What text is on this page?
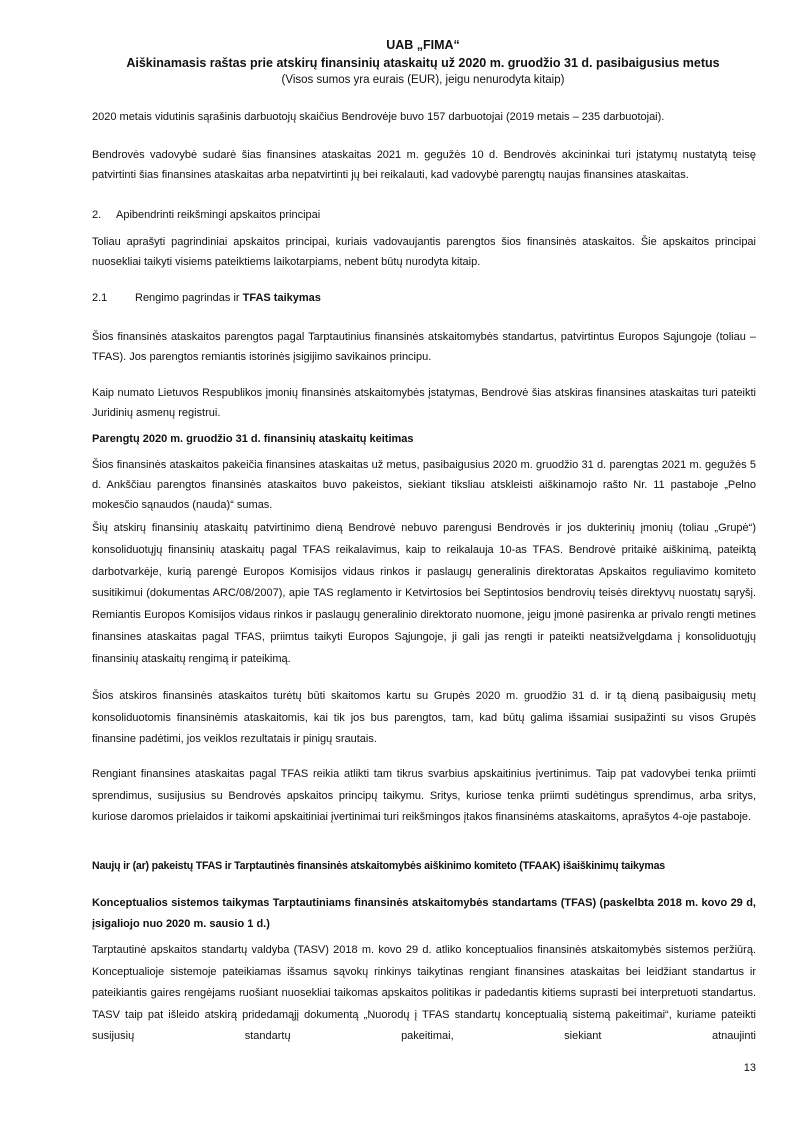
UAB „FIMA“
Aiškinamasis raštas prie atskirų finansinių ataskaitų už 2020 m. gruodžio 31 d. pasibaigusius metus
(Visos sumos yra eurais (EUR), jeigu nenurodyta kitaip)

2020 metais vidutinis sąrašinis darbuotojų skaičius Bendrovėje buvo 157 darbuotojai (2019 metais – 235 darbuotojai).

Bendrovės vadovybė sudarė šias finansines ataskaitas 2021 m. gegužės 10 d. Bendrovės akcininkai turi įstatymų nustatytą teisę patvirtinti šias finansines ataskaitas arba nepatvirtinti jų bei reikalauti, kad vadovybė parengtų naujas finansines ataskaitas.

2. Apibendrinti reikšmingi apskaitos principai

Toliau aprašyti pagrindiniai apskaitos principai, kuriais vadovaujantis parengtos šios finansinės ataskaitos. Šie apskaitos principai nuosekliai taikyti visiems pateiktiems laikotarpiams, nebent būtų nurodyta kitaip.

2.1	Rengimo pagrindas ir TFAS taikymas

Šios finansinės ataskaitos parengtos pagal Tarptautinius finansinės atskaitomybės standartus, patvirtintus Europos Sąjungoje (toliau – TFAS). Jos parengtos remiantis istorinės įsigijimo savikainos principu.

Kaip numato Lietuvos Respublikos įmonių finansinės atskaitomybės įstatymas, Bendrovė šias atskiras finansines ataskaitas turi pateikti Juridinių asmenų registrui.

Parengtų 2020 m. gruodžio 31 d. finansinių ataskaitų keitimas

Šios finansinės ataskaitos pakeičia finansines ataskaitas už metus, pasibaigusius 2020 m. gruodžio 31 d. parengtas 2021 m. gegužės 5 d. Ankščiau parengtos finansinės ataskaitos buvo pakeistos, siekiant tiksliau atskleisti aiškinamojo rašto Nr. 11 pastaboje „Pelno mokesčio sąnaudos (nauda)“ sumas.

Šių atskirų finansinių ataskaitų patvirtinimo dieną Bendrovė nebuvo parengusi Bendrovės ir jos dukterinių įmonių (toliau „Grupė“) konsoliduotųjų finansinių ataskaitų pagal TFAS reikalavimus, kaip to reikalauja 10-as TFAS. Bendrovė pritaikė aiškinimą, pateiktą darbotvarkėje, kurią parengė Europos Komisijos vidaus rinkos ir paslaugų generalinis direktoratas Apskaitos reguliavimo komiteto susitikimui (dokumentas ARC/08/2007), apie TAS reglamento ir Ketvirtosios bei Septintosios bendrovių teisės direktyvų nuostatų sąryšį. Remiantis Europos Komisijos vidaus rinkos ir paslaugų generalinio direktorato nuomone, jeigu įmonė pasirenka ar privalo rengti metines finansines ataskaitas pagal TFAS, priimtus taikyti Europos Sąjungoje, ji gali jas rengti ir pateikti neatsižvelgdama į konsoliduotųjų finansinių ataskaitų rengimą ir pateikimą.

Šios atskiros finansinės ataskaitos turėtų būti skaitomos kartu su Grupės 2020 m. gruodžio 31 d. ir tą dieną pasibaigusių metų konsoliduotomis finansinėmis ataskaitomis, kai tik jos bus parengtos, tam, kad būtų galima išsamiai susipažinti su visos Grupės finansine padėtimi, jos veiklos rezultatais ir pinigų srautais.

Rengiant finansines ataskaitas pagal TFAS reikia atlikti tam tikrus svarbius apskaitinius įvertinimus. Taip pat vadovybei tenka priimti sprendimus, susijusius su Bendrovės apskaitos principų taikymu. Sritys, kuriose tenka priimti sudėtingus sprendimus, arba sritys, kuriose daromos prielaidos ir taikomi apskaitiniai įvertinimai turi reikšmingos įtakos finansinėms ataskaitoms, aprašytos 4-oje pastaboje.

Naujų ir (ar) pakeistų TFAS ir Tarptautinės finansinės atskaitomybės aiškinimo komiteto (TFAAK) išaiškinimų taikymas

Konceptualios sistemos taikymas Tarptautiniams finansinės atskaitomybės standartams (TFAS) (paskelbta 2018 m. kovo 29 d, įsigaliojo nuo 2020 m. sausio 1 d.)

Tarptautinė apskaitos standartų valdyba (TASV) 2018 m. kovo 29 d. atliko konceptualios finansinės atskaitomybės sistemos peržiūrą. Konceptualioje sistemoje pateikiamas išsamus sąvokų rinkinys taikytinas rengiant finansines ataskaitas bei leidžiant standartus ir pateikiantis gaires rengėjams ruošiant nuosekliai taikomas apskaitos politikas ir padedantis kitiems suprasti bei interpretuoti standartus. TASV taip pat išleido atskirą pridedamąjį dokumentą „Nuorodų į TFAS standartų konceptualią sistemą pakeitimai“, kuriame pateikti susijusių standartų pakeitimai, siekiant atnaujinti

13
